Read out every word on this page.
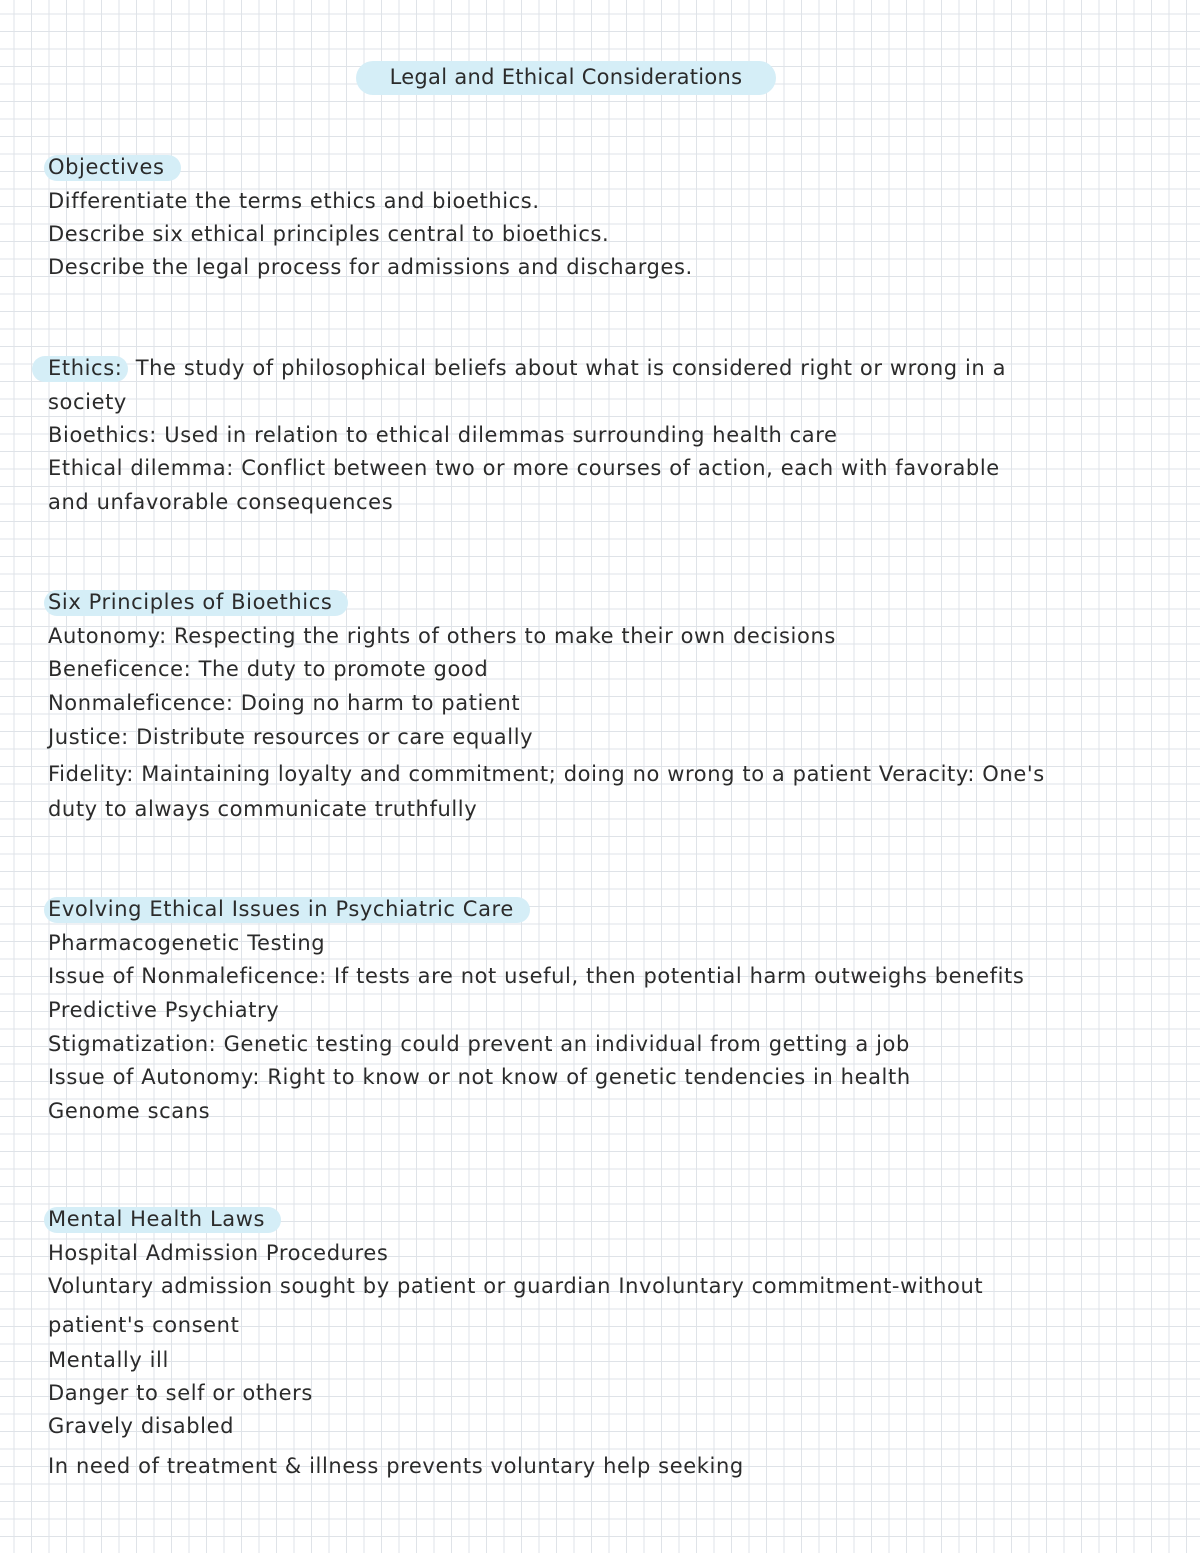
Legal and Ethical Considerations
Objectives
Differentiate the terms ethics and bioethics.
Describe six ethical principles central to bioethics.
Describe the legal process for admissions and discharges.
Ethics: The study of philosophical beliefs about what is considered right or wrong in a
society
Bioethics: Used in relation to ethical dilemmas surrounding health care
Ethical dilemma: Conflict between two or more courses of action, each with favorable
and unfavorable consequences
Six Principles of Bioethics
Autonomy: Respecting the rights of others to make their own decisions
Beneficence: The duty to promote good
Nonmaleficence: Doing no harm to patient
Justice: Distribute resources or care equally
Fidelity: Maintaining loyalty and commitment; doing no wrong to a patient Veracity: One's
duty to always communicate truthfully
Evolving Ethical Issues in Psychiatric Care
Pharmacogenetic Testing
Issue of Nonmaleficence: If tests are not useful, then potential harm outweighs benefits
Predictive Psychiatry
Stigmatization: Genetic testing could prevent an individual from getting a job
Issue of Autonomy: Right to know or not know of genetic tendencies in health
Genome scans
Mental Health Laws
Hospital Admission Procedures
Voluntary admission sought by patient or guardian Involuntary commitment-without
patient's consent
Mentally ill
Danger to self or others
Gravely disabled
In need of treatment & illness prevents voluntary help seeking
